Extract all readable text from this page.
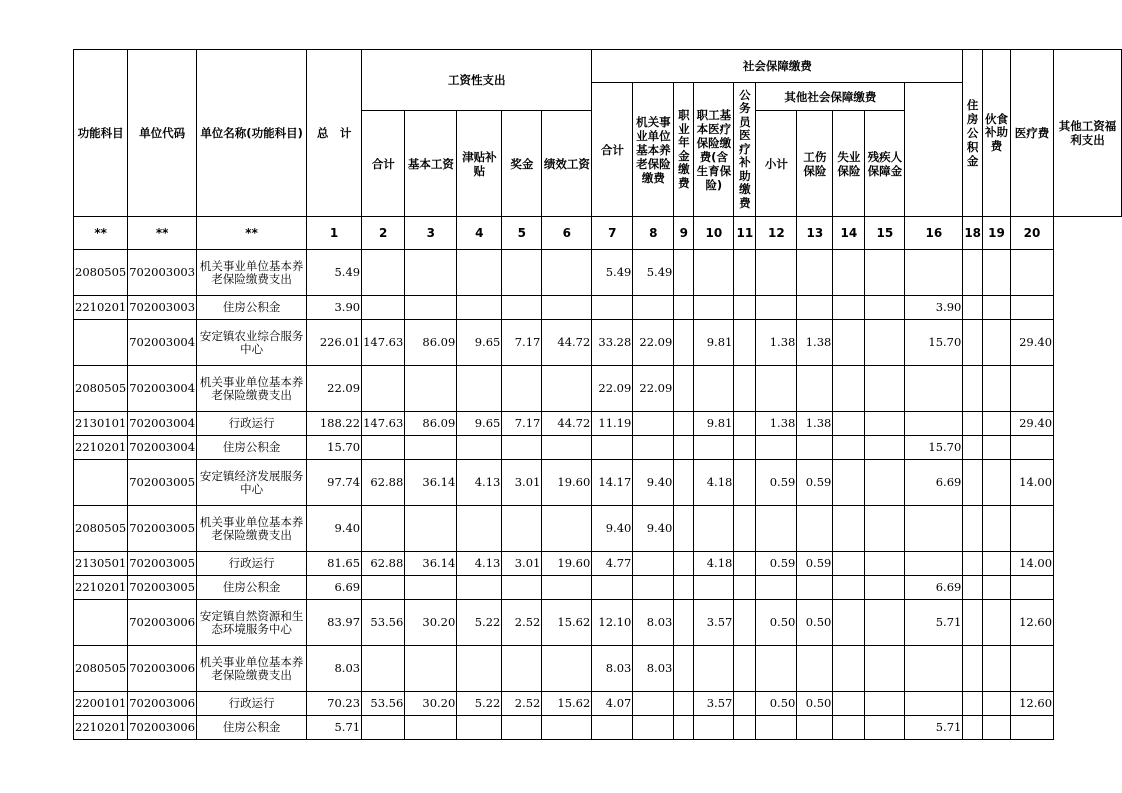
功能科目	单位代码	单位名称(功能科目)	总　计	工资性支出					社会保障缴费										住房公积金	伙食补助费	医疗费	其他工资福利支出
									合计	机关事业单位基本养老保险缴费	职业年金缴费	职工基本医疗保险缴费(含生育保险)	公务员医疗补助缴费	其他社会保障缴费								
				合计	基本工资	津贴补贴	奖金	绩效工资						小计	工伤保险	失业保险	残疾人保障金					
**	**	**	1	2	3	4	5	6	7	8	9	10	11	12	13	14	15	16	18	19	20	
2080505	702003003	机关事业单位基本养老保险缴费支出	5.49						5.49	5.49												
2210201	702003003	住房公积金	3.90															3.90				
	702003004	安定镇农业综合服务中心	226.01	147.63	86.09	9.65	7.17	44.72	33.28	22.09		9.81		1.38	1.38			15.70			29.40	
2080505	702003004	机关事业单位基本养老保险缴费支出	22.09						22.09	22.09												
2130101	702003004	行政运行	188.22	147.63	86.09	9.65	7.17	44.72	11.19			9.81		1.38	1.38						29.40	
2210201	702003004	住房公积金	15.70															15.70				
	702003005	安定镇经济发展服务中心	97.74	62.88	36.14	4.13	3.01	19.60	14.17	9.40		4.18		0.59	0.59			6.69			14.00	
2080505	702003005	机关事业单位基本养老保险缴费支出	9.40						9.40	9.40												
2130501	702003005	行政运行	81.65	62.88	36.14	4.13	3.01	19.60	4.77			4.18		0.59	0.59						14.00	
2210201	702003005	住房公积金	6.69															6.69				
	702003006	安定镇自然资源和生态环境服务中心	83.97	53.56	30.20	5.22	2.52	15.62	12.10	8.03		3.57		0.50	0.50			5.71			12.60	
2080505	702003006	机关事业单位基本养老保险缴费支出	8.03						8.03	8.03												
2200101	702003006	行政运行	70.23	53.56	30.20	5.22	2.52	15.62	4.07			3.57		0.50	0.50						12.60	
2210201	702003006	住房公积金	5.71															5.71				
